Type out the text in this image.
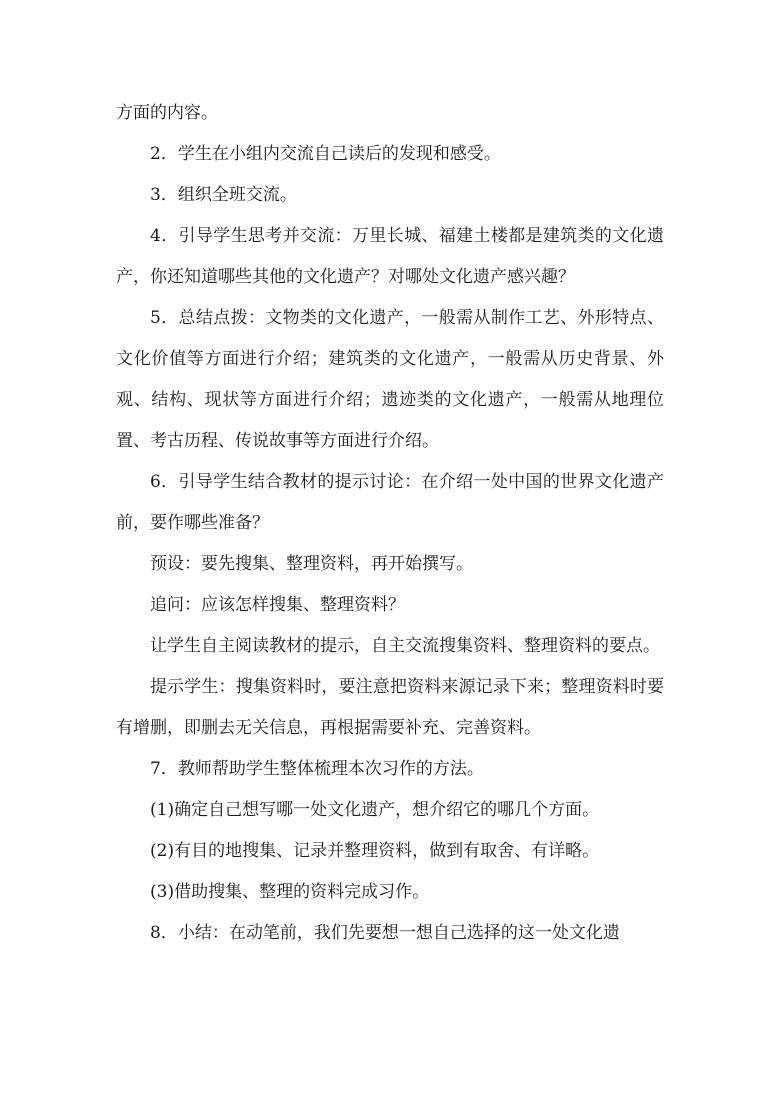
方面的内容。

2．学生在小组内交流自己读后的发现和感受。

3．组织全班交流。

4．引导学生思考并交流：万里长城、福建土楼都是建筑类的文化遗产，你还知道哪些其他的文化遗产？对哪处文化遗产感兴趣？

5．总结点拨：文物类的文化遗产，一般需从制作工艺、外形特点、文化价值等方面进行介绍；建筑类的文化遗产，一般需从历史背景、外观、结构、现状等方面进行介绍；遗迹类的文化遗产，一般需从地理位置、考古历程、传说故事等方面进行介绍。

6．引导学生结合教材的提示讨论：在介绍一处中国的世界文化遗产前，要作哪些准备？

预设：要先搜集、整理资料，再开始撰写。

追问：应该怎样搜集、整理资料？

让学生自主阅读教材的提示，自主交流搜集资料、整理资料的要点。

提示学生：搜集资料时，要注意把资料来源记录下来；整理资料时要有增删，即删去无关信息，再根据需要补充、完善资料。

7．教师帮助学生整体梳理本次习作的方法。

(1)确定自己想写哪一处文化遗产，想介绍它的哪几个方面。

(2)有目的地搜集、记录并整理资料，做到有取舍、有详略。

(3)借助搜集、整理的资料完成习作。

8．小结：在动笔前，我们先要想一想自己选择的这一处文化遗
